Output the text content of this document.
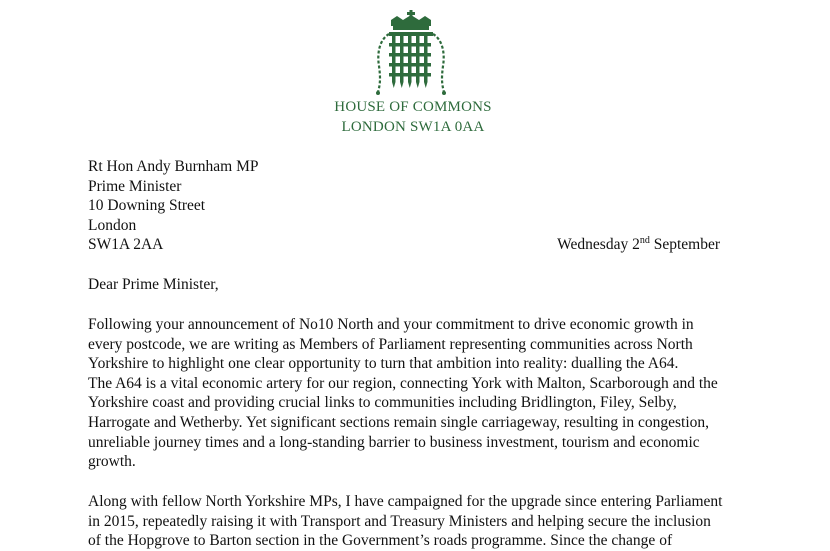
HOUSE OF COMMONS
LONDON SW1A 0AA
Rt Hon Andy Burnham MP
Prime Minister
10 Downing Street
London
SW1A 2AA	Wednesday 2nd September
Dear Prime Minister,
Following your announcement of No10 North and your commitment to drive economic growth in
every postcode, we are writing as Members of Parliament representing communities across North
Yorkshire to highlight one clear opportunity to turn that ambition into reality: dualling the A64.
The A64 is a vital economic artery for our region, connecting York with Malton, Scarborough and the
Yorkshire coast and providing crucial links to communities including Bridlington, Filey, Selby,
Harrogate and Wetherby. Yet significant sections remain single carriageway, resulting in congestion,
unreliable journey times and a long-standing barrier to business investment, tourism and economic
growth.
Along with fellow North Yorkshire MPs, I have campaigned for the upgrade since entering Parliament
in 2015, repeatedly raising it with Transport and Treasury Ministers and helping secure the inclusion
of the Hopgrove to Barton section in the Government’s roads programme. Since the change of
